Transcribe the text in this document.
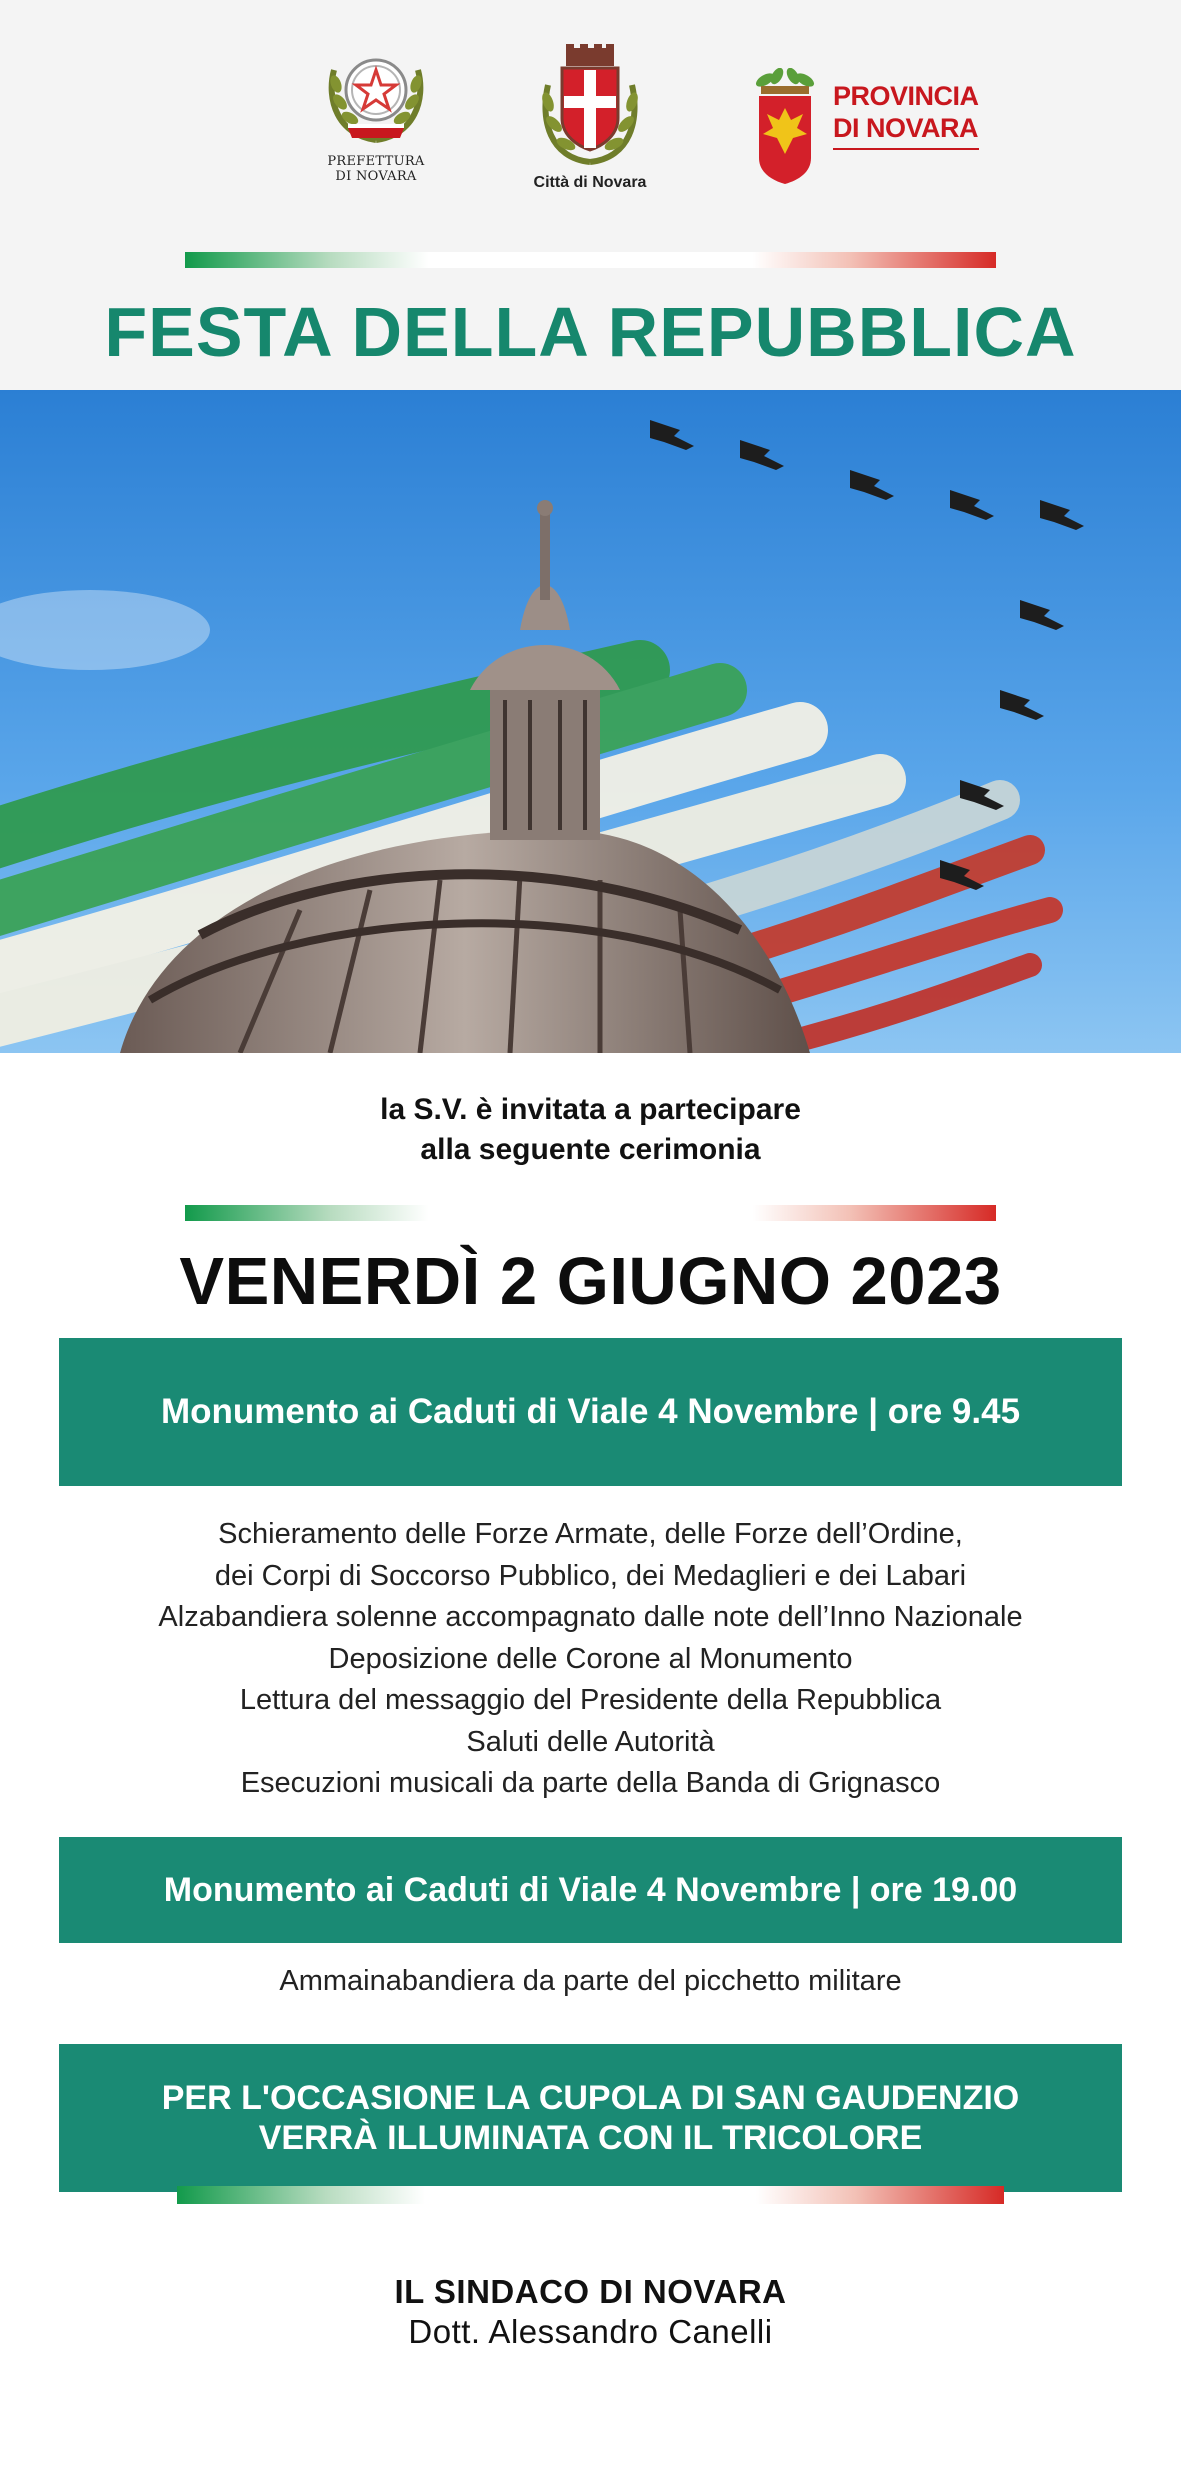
PREFETTURA
DI NOVARA	Città di Novara
PROVINCIA
DI NOVARA
FESTA DELLA REPUBBLICA
la S.V. è invitata a partecipare
alla seguente cerimonia
VENERDÌ 2 GIUGNO 2023
Monumento ai Caduti di Viale 4 Novembre | ore 9.45
Schieramento delle Forze Armate, delle Forze dell’Ordine,
dei Corpi di Soccorso Pubblico, dei Medaglieri e dei Labari
Alzabandiera solenne accompagnato dalle note dell’Inno Nazionale
Deposizione delle Corone al Monumento
Lettura del messaggio del Presidente della Repubblica
Saluti delle Autorità
Esecuzioni musicali da parte della Banda di Grignasco
Monumento ai Caduti di Viale 4 Novembre | ore 19.00
Ammainabandiera da parte del picchetto militare
PER L'OCCASIONE LA CUPOLA DI SAN GAUDENZIO
VERRÀ ILLUMINATA CON IL TRICOLORE
IL SINDACO DI NOVARA
Dott. Alessandro Canelli
